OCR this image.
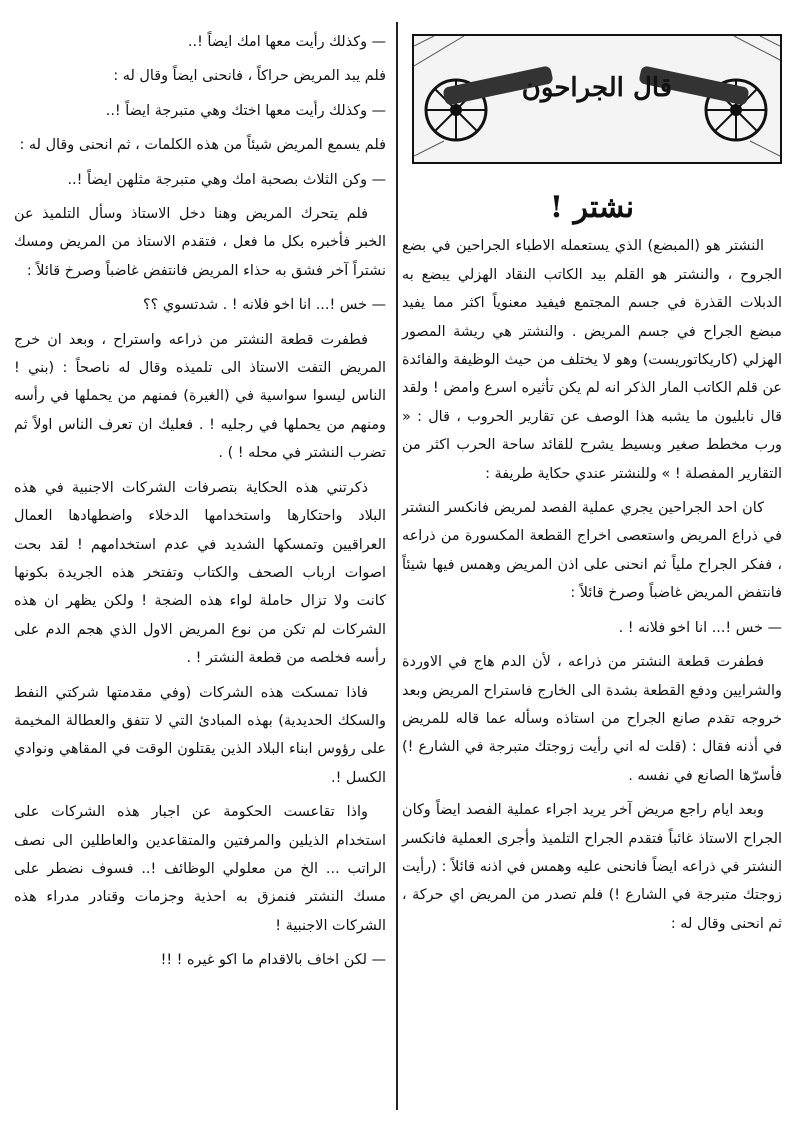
قال الجراحون
نشتر !

النشتر هو (المبضع) الذي يستعمله الاطباء الجراحين في بضع الجروح ، والنشتر هو القلم بيد الكاتب النقاد الهزلي يبضع به الدبلات القذرة في جسم المجتمع فيفيد معنوياً اكثر مما يفيد مبضع الجراح في جسم المريض . والنشتر هي ريشة المصور الهزلي (كاريكاتوريست) وهو لا يختلف من حيث الوظيفة والفائدة عن قلم الكاتب المار الذكر انه لم يكن تأثيره اسرع وامض ! ولقد قال نابليون ما يشبه هذا الوصف عن تقارير الحروب ، قال : « ورب مخطط صغير وبسيط يشرح للقائد ساحة الحرب اكثر من التقارير المفصلة ! » وللنشتر عندي حكاية طريفة :

كان احد الجراحين يجري عملية الفصد لمريض فانكسر النشتر في ذراع المريض واستعصى اخراج القطعة المكسورة من ذراعه ، ففكر الجراح ملياً ثم انحنى على اذن المريض وهمس فيها شيئاً فانتفض المريض غاضباً وصرخ قائلاً :

— خس !... انا اخو فلانه ! .

فطفرت قطعة النشتر من ذراعه ، لأن الدم هاج في الاوردة والشرايين ودفع القطعة بشدة الى الخارج فاستراح المريض وبعد خروجه تقدم صانع الجراح من استاذه وسأله عما قاله للمريض في أذنه فقال : (قلت له اني رأيت زوجتك متبرجة في الشارع !) فأسرّها الصانع في نفسه .

وبعد ايام راجع مريض آخر يريد اجراء عملية الفصد ايضاً وكان الجراح الاستاذ غائباً فتقدم الجراح التلميذ وأجرى العملية فانكسر النشتر في ذراعه ايضاً فانحنى عليه وهمس في اذنه قائلاً : (رأيت زوجتك متبرجة في الشارع !) فلم تصدر من المريض اي حركة ، ثم انحنى وقال له :

— وكذلك رأيت معها امك ايضاً !..

فلم يبد المريض حراكاً ، فانحنى ايضاً وقال له :

— وكذلك رأيت معها اختك وهي متبرجة ايضاً !..

فلم يسمع المريض شيئاً من هذه الكلمات ، ثم انحنى وقال له :

— وكن الثلاث بصحبة امك وهي متبرجة مثلهن ايضاً !..

فلم يتحرك المريض وهنا دخل الاستاذ وسأل التلميذ عن الخبر فأخبره بكل ما فعل ، فتقدم الاستاذ من المريض ومسك نشتراً آخر فشق به حذاء المريض فانتفض غاضباً وصرخ قائلاً :

— خس !... انا اخو فلانه ! . شدتسوي ؟؟

فطفرت قطعة النشتر من ذراعه واستراح ، وبعد ان خرج المريض التفت الاستاذ الى تلميذه وقال له ناصحاً : (بني ! الناس ليسوا سواسية في (الغيرة) فمنهم من يحملها في رأسه ومنهم من يحملها في رجليه ! . فعليك ان تعرف الناس اولاً ثم تضرب النشتر في محله ! ) .

ذكرتني هذه الحكاية بتصرفات الشركات الاجنبية في هذه البلاد واحتكارها واستخدامها الدخلاء واضطهادها العمال العراقيين وتمسكها الشديد في عدم استخدامهم ! لقد بحت اصوات ارباب الصحف والكتاب وتفتخر هذه الجريدة بكونها كانت ولا تزال حاملة لواء هذه الضجة ! ولكن يظهر ان هذه الشركات لم تكن من نوع المريض الاول الذي هجم الدم على رأسه فخلصه من قطعة النشتر ! .

فاذا تمسكت هذه الشركات (وفي مقدمتها شركتي النفط والسكك الحديدية) بهذه المبادئ التي لا تتفق والعطالة المخيمة على رؤوس ابناء البلاد الذين يقتلون الوقت في المقاهي ونوادي الكسل !.

واذا تقاعست الحكومة عن اجبار هذه الشركات على استخدام الذيلين والمرفتين والمتقاعدين والعاطلين الى نصف الراتب ... الخ من معلولي الوظائف !.. فسوف نضطر على مسك النشتر فنمزق به احذية وجزمات وقنادر مدراء هذه الشركات الاجنبية !

— لكن اخاف بالاقدام ما اكو غيره ! !!
